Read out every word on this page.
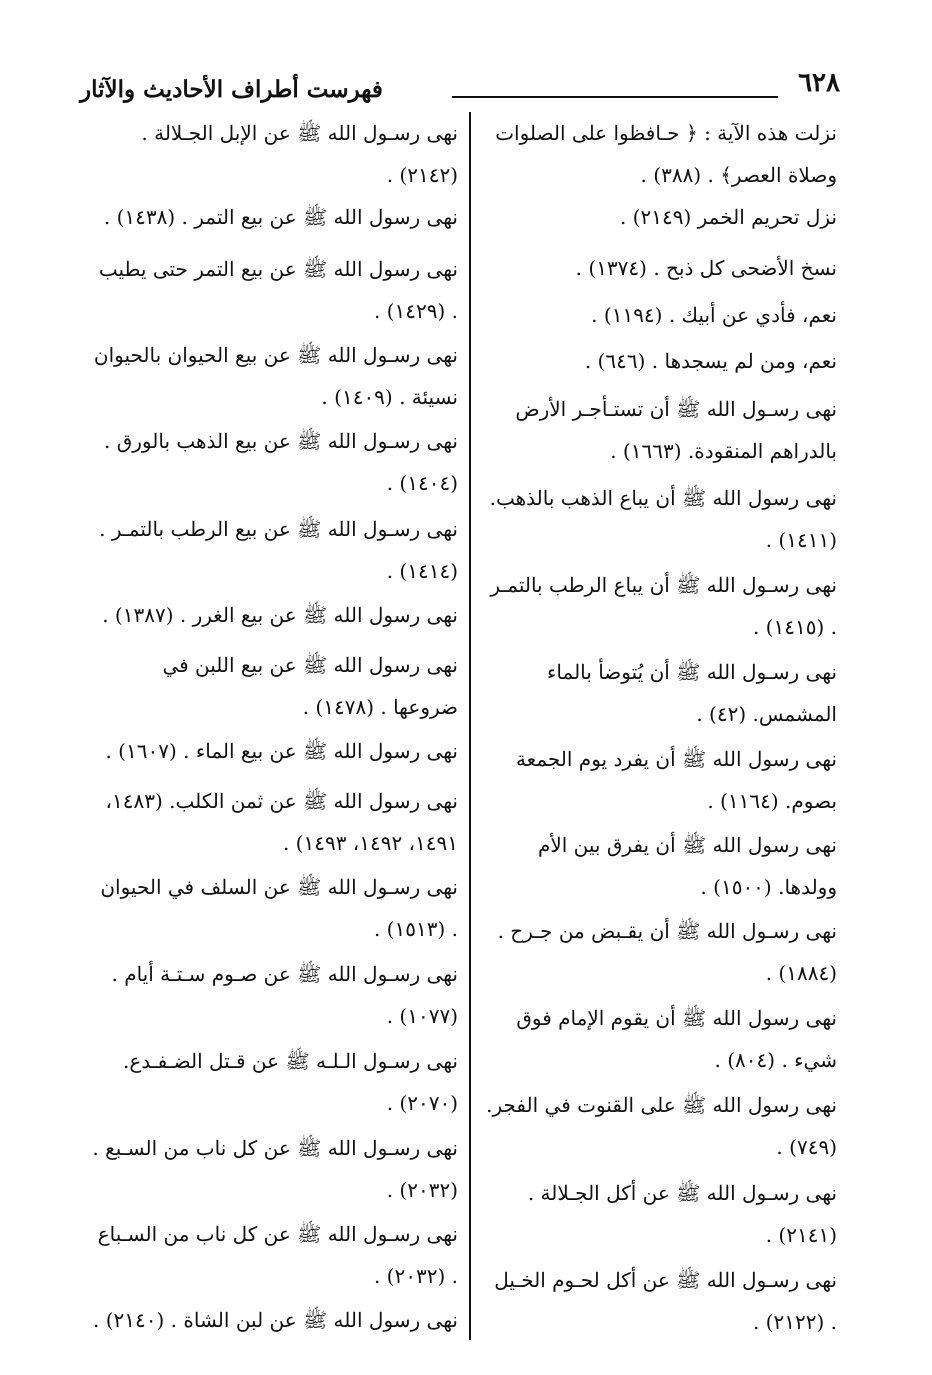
٦٢٨
فهرست أطراف الأحاديث والآثار

نزلت هذه الآية : ﴿ حـافظوا على الصلوات وصلاة العصر﴾ . (٣٨٨) .

نزل تحريم الخمر (٢١٤٩) .

نسخ الأضحى كل ذبح . (١٣٧٤) .

نعم، فأدي عن أبيك . (١١٩٤) .

نعم، ومن لم يسجدها . (٦٤٦) .

نهى رسـول الله ﷺ أن تستـأجـر الأرض بالدراهم المنقودة. (١٦٦٣) .

نهى رسول الله ﷺ أن يباع الذهب بالذهب. (١٤١١) .

نهى رسـول الله ﷺ أن يباع الرطب بالتمـر . (١٤١٥) .

نهى رسـول الله ﷺ أن يُتوضأ بالماء المشمس. (٤٢) .

نهى رسول الله ﷺ أن يفرد يوم الجمعة بصوم. (١١٦٤) .

نهى رسول الله ﷺ أن يفرق بين الأم وولدها. (١٥٠٠) .

نهى رسـول الله ﷺ أن يقـبض من جـرح . (١٨٨٤) .

نهى رسول الله ﷺ أن يقوم الإمام فوق شيء . (٨٠٤) .

نهى رسول الله ﷺ على القنوت في الفجر. (٧٤٩) .

نهى رسـول الله ﷺ عن أكل الجـلالة . (٢١٤١) .

نهى رسـول الله ﷺ عن أكل لحـوم الخـيل . (٢١٢٢) .

نهى رسـول الله ﷺ عن الإبل الجـلالة . (٢١٤٢) .

نهى رسول الله ﷺ عن بيع التمر . (١٤٣٨) .

نهى رسول الله ﷺ عن بيع التمر حتى يطيب . (١٤٢٩) .

نهى رسـول الله ﷺ عن بيع الحيوان بالحيوان نسيئة . (١٤٠٩) .

نهى رسـول الله ﷺ عن بيع الذهب بالورق . (١٤٠٤) .

نهى رسـول الله ﷺ عن بيع الرطب بالتمـر . (١٤١٤) .

نهى رسول الله ﷺ عن بيع الغرر . (١٣٨٧) .

نهى رسول الله ﷺ عن بيع اللبن في ضروعها . (١٤٧٨) .

نهى رسول الله ﷺ عن بيع الماء . (١٦٠٧) .

نهى رسول الله ﷺ عن ثمن الكلب. (١٤٨٣، ١٤٩١، ١٤٩٢، ١٤٩٣) .

نهى رسـول الله ﷺ عن السلف في الحيوان . (١٥١٣) .

نهى رسـول الله ﷺ عن صـوم سـتـة أيام . (١٠٧٧) .

نهى رسـول الـلـه ﷺ عن قـتل الضـفـدع. (٢٠٧٠) .

نهى رسـول الله ﷺ عن كل ناب من السـبع . (٢٠٣٢) .

نهى رسـول الله ﷺ عن كل ناب من السـباع . (٢٠٣٢) .

نهى رسول الله ﷺ عن لبن الشاة . (٢١٤٠) .
